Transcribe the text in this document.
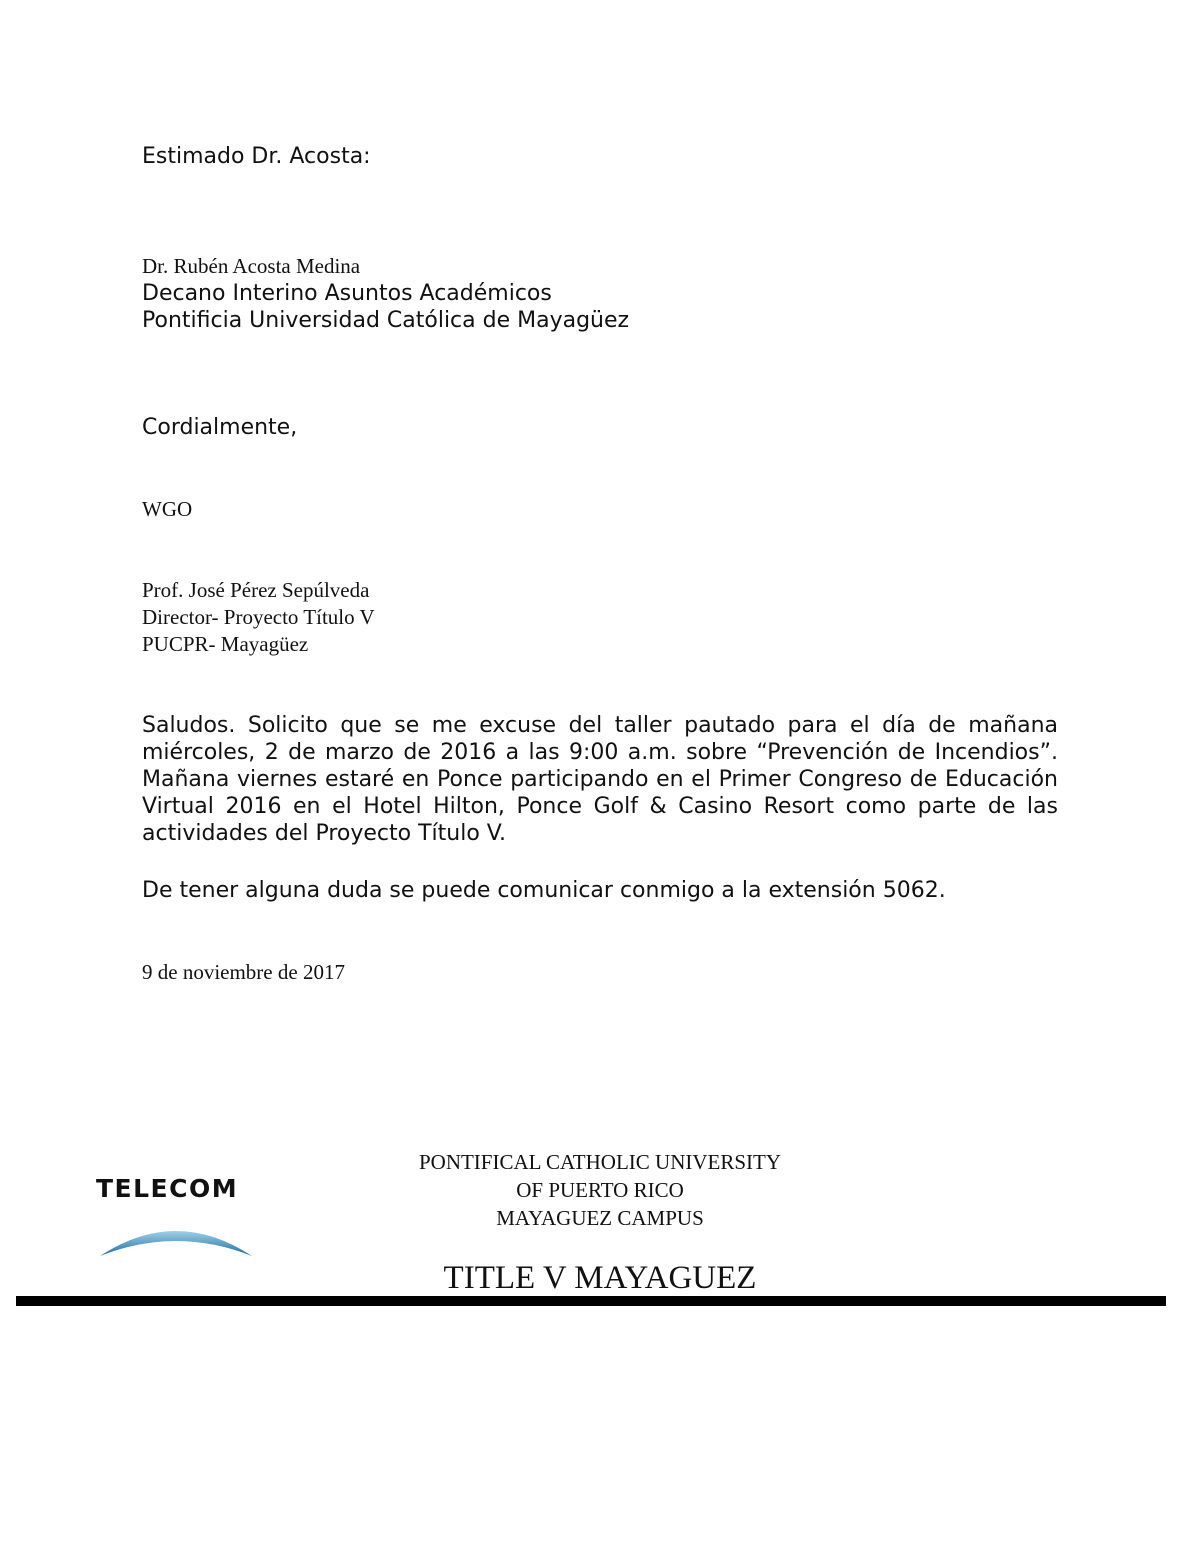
Estimado Dr. Acosta:
Dr. Rubén Acosta Medina
Decano Interino Asuntos Académicos
Pontificia Universidad Católica de Mayagüez
Cordialmente,
WGO
Prof. José Pérez Sepúlveda
Director- Proyecto Título V
PUCPR- Mayagüez

Saludos. Solicito que se me excuse del taller pautado para el día de mañana miércoles, 2 de marzo de 2016 a las 9:00 a.m. sobre “Prevención de Incendios”. Mañana viernes estaré en Ponce participando en el Primer Congreso de Educación Virtual 2016 en el Hotel Hilton, Ponce Golf & Casino Resort como parte de las actividades del Proyecto Título V.

De tener alguna duda se puede comunicar conmigo a la extensión 5062.
9 de noviembre de 2017
TELECOM
PONTIFICAL CATHOLIC UNIVERSITY
OF PUERTO RICO
MAYAGUEZ CAMPUS
TITLE V MAYAGUEZ
